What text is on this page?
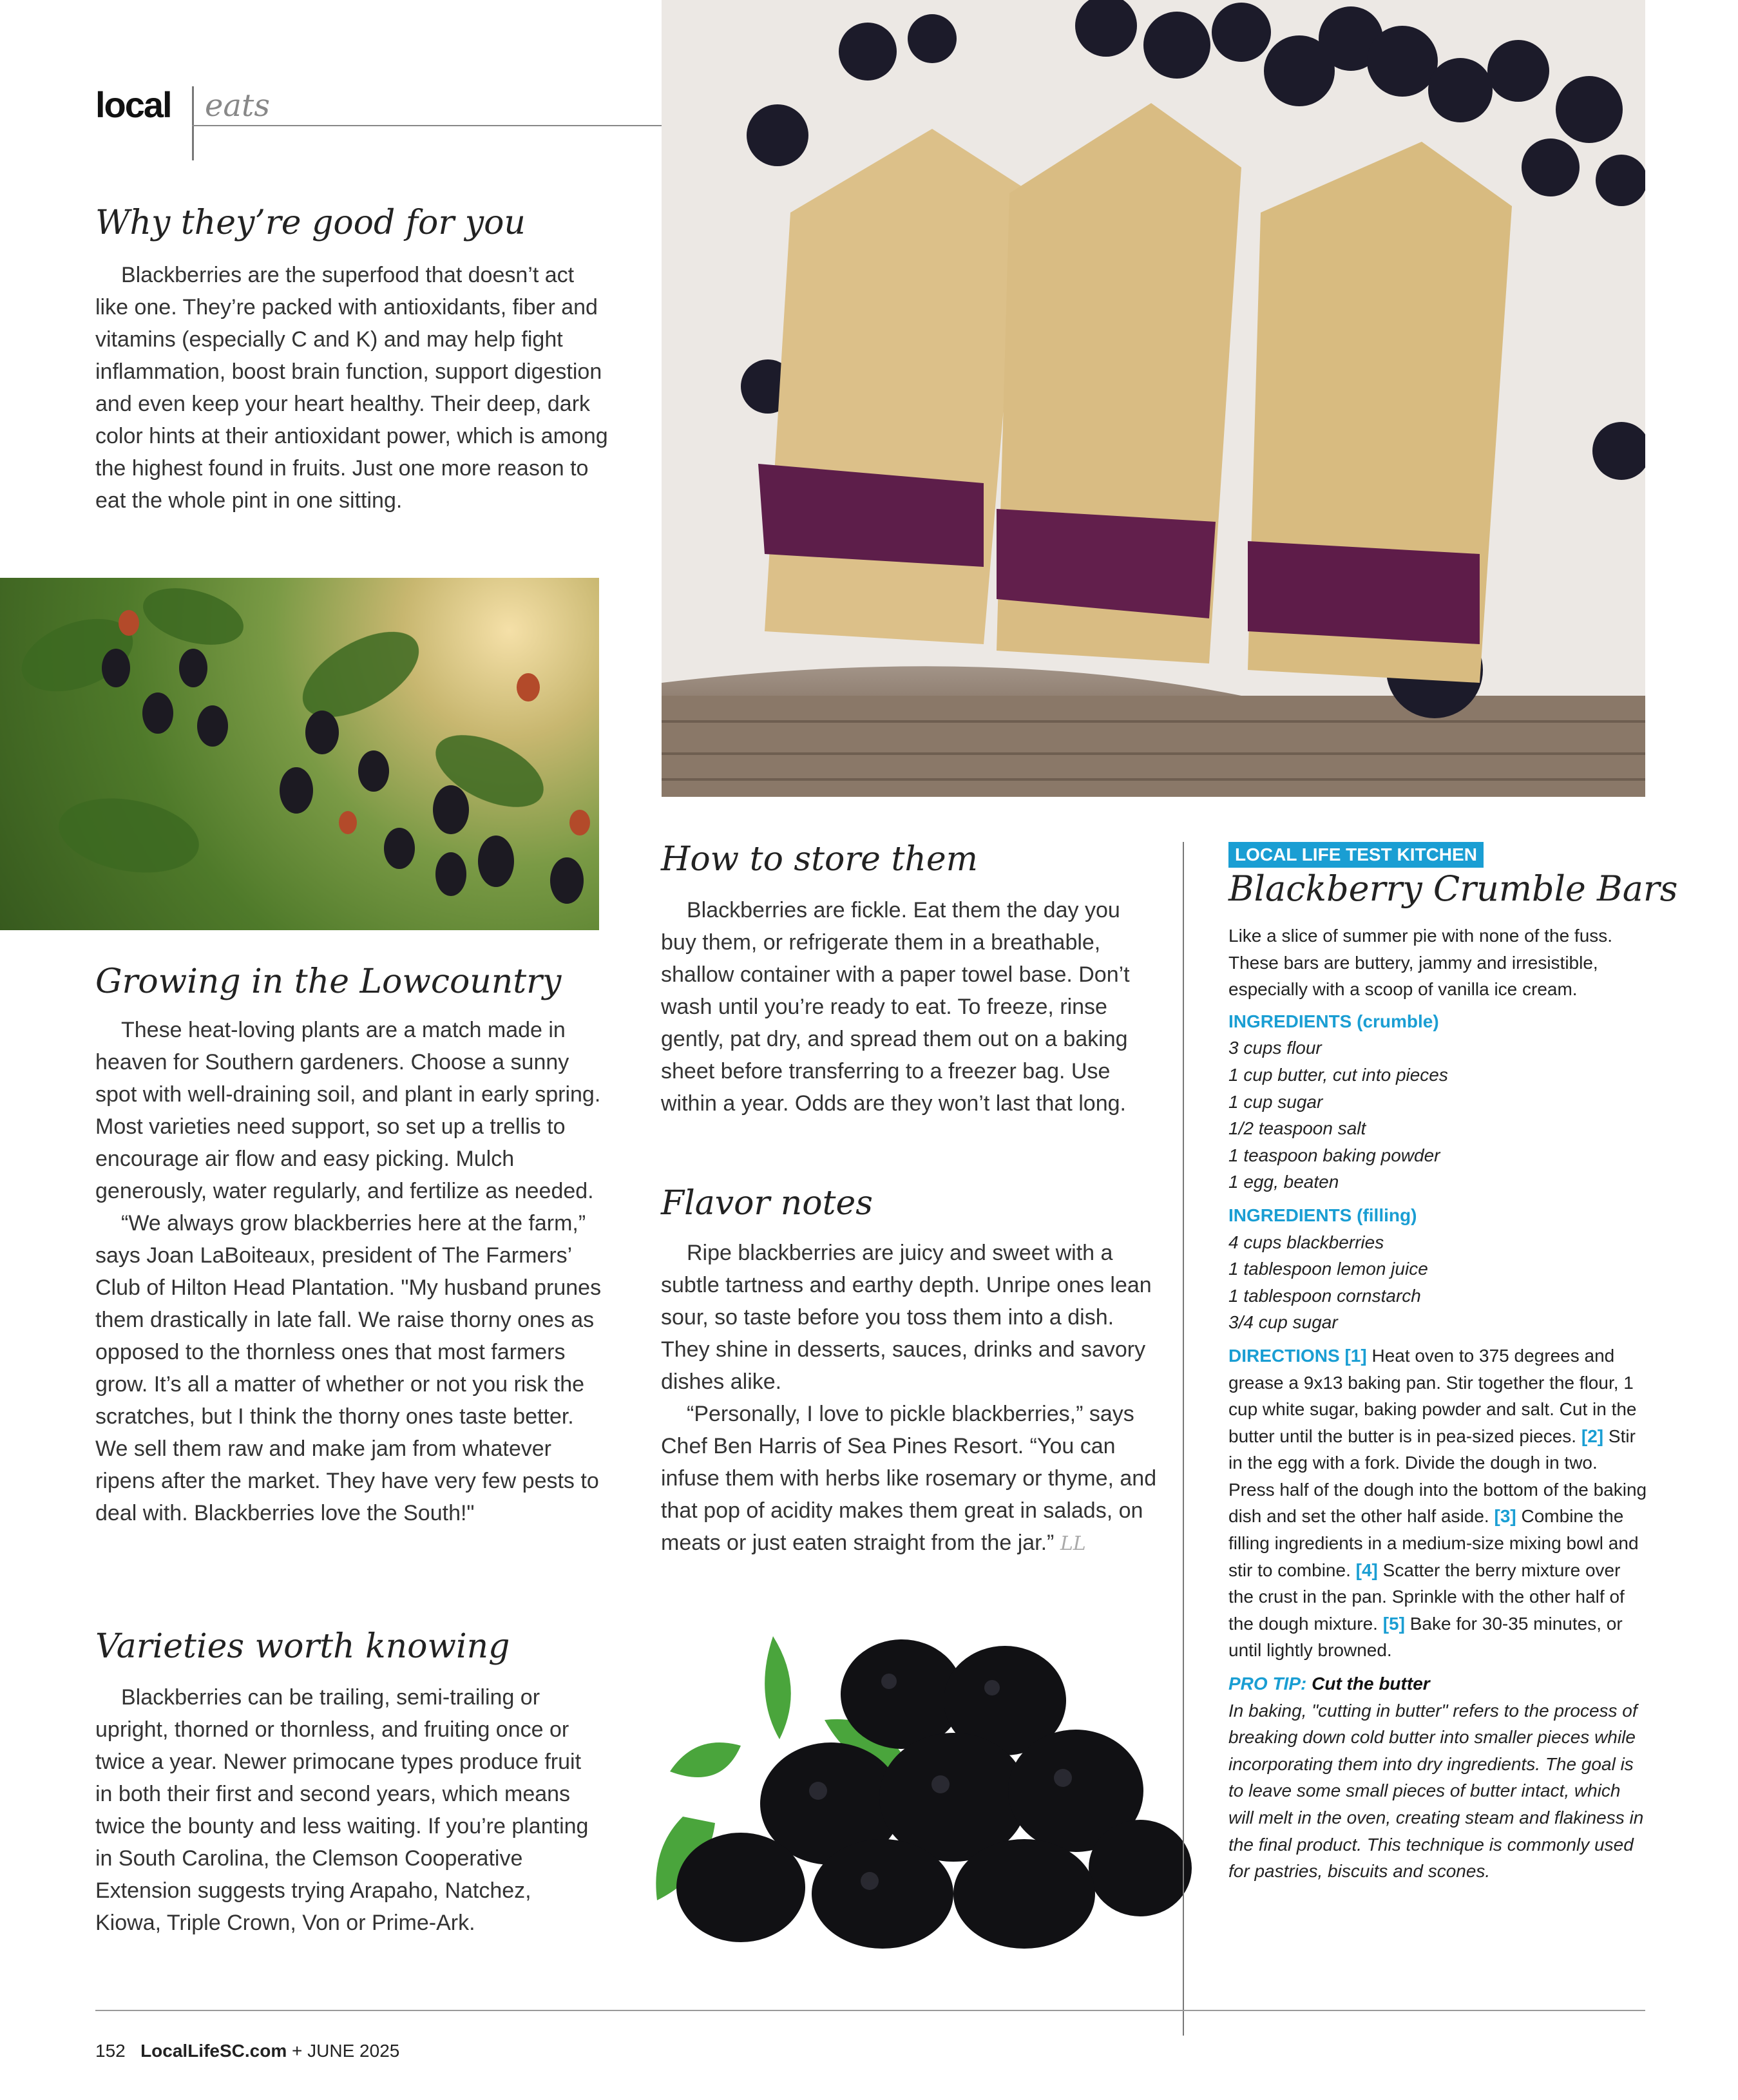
local eats
Why they’re good for you

Blackberries are the superfood that doesn’t act like one. They’re packed with antioxidants, fiber and vitamins (especially C and K) and may help fight inflammation, boost brain function, support digestion and even keep your heart healthy. Their deep, dark color hints at their antioxidant power, which is among the highest found in fruits. Just one more reason to eat the whole pint in one sitting.

Growing in the Lowcountry

These heat-loving plants are a match made in heaven for Southern gardeners. Choose a sunny spot with well-draining soil, and plant in early spring. Most varieties need support, so set up a trellis to encourage air flow and easy picking. Mulch generously, water regularly, and fertilize as needed.

“We always grow blackberries here at the farm,” says Joan LaBoiteaux, president of The Farmers’ Club of Hilton Head Plantation. "My husband prunes them drastically in late fall. We raise thorny ones as opposed to the thornless ones that most farmers grow. It’s all a matter of whether or not you risk the scratches, but I think the thorny ones taste better. We sell them raw and make jam from whatever ripens after the market. They have very few pests to deal with. Blackberries love the South!"

Varieties worth knowing

Blackberries can be trailing, semi-trailing or upright, thorned or thornless, and fruiting once or twice a year. Newer primocane types produce fruit in both their first and second years, which means twice the bounty and less waiting. If you’re planting in South Carolina, the Clemson Cooperative Extension suggests trying Arapaho, Natchez, Kiowa, Triple Crown, Von or Prime-Ark.

How to store them

Blackberries are fickle. Eat them the day you buy them, or refrigerate them in a breathable, shallow container with a paper towel base. Don’t wash until you’re ready to eat. To freeze, rinse gently, pat dry, and spread them out on a baking sheet before transferring to a freezer bag. Use within a year. Odds are they won’t last that long.

Flavor notes

Ripe blackberries are juicy and sweet with a subtle tartness and earthy depth. Unripe ones lean sour, so taste before you toss them into a dish. They shine in desserts, sauces, drinks and savory dishes alike.

“Personally, I love to pickle blackberries,” says Chef Ben Harris of Sea Pines Resort. “You can infuse them with herbs like rosemary or thyme, and that pop of acidity makes them great in salads, on meats or just eaten straight from the jar.” LL

LOCAL LIFE TEST KITCHEN
Blackberry Crumble Bars
Like a slice of summer pie with none of the fuss. These bars are buttery, jammy and irresistible, especially with a scoop of vanilla ice cream.
INGREDIENTS (crumble)
3 cups flour
1 cup butter, cut into pieces
1 cup sugar
1/2 teaspoon salt
1 teaspoon baking powder
1 egg, beaten
INGREDIENTS (filling)
4 cups blackberries
1 tablespoon lemon juice
1 tablespoon cornstarch
3/4 cup sugar
DIRECTIONS [1] Heat oven to 375 degrees and grease a 9x13 baking pan. Stir together the flour, 1 cup white sugar, baking powder and salt. Cut in the butter until the butter is in pea-sized pieces. [2] Stir in the egg with a fork. Divide the dough in two. Press half of the dough into the bottom of the baking dish and set the other half aside. [3] Combine the filling ingredients in a medium-size mixing bowl and stir to combine. [4] Scatter the berry mixture over the crust in the pan. Sprinkle with the other half of the dough mixture. [5] Bake for 30-35 minutes, or until lightly browned.
PRO TIP: Cut the butter
In baking, "cutting in butter" refers to the process of breaking down cold butter into smaller pieces while incorporating them into dry ingredients. The goal is to leave some small pieces of butter intact, which will melt in the oven, creating steam and flakiness in the final product. This technique is commonly used for pastries, biscuits and scones.
152 LocalLifeSC.com + JUNE 2025
